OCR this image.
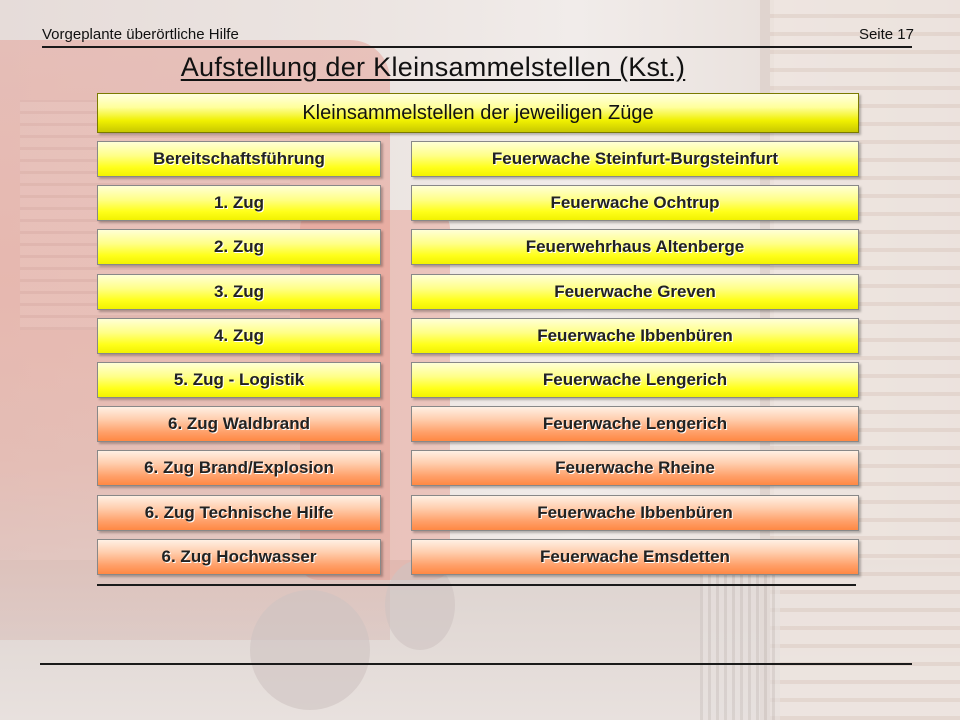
Vorgeplante überörtliche Hilfe	Seite 17
Aufstellung der Kleinsammelstellen (Kst.)
Kleinsammelstellen der jeweiligen Züge
Bereitschaftsführung	Feuerwache Steinfurt-Burgsteinfurt
1. Zug	Feuerwache Ochtrup
2. Zug	Feuerwehrhaus Altenberge
3. Zug	Feuerwache Greven
4. Zug	Feuerwache Ibbenbüren
5. Zug - Logistik	Feuerwache Lengerich
6. Zug Waldbrand	Feuerwache Lengerich
6. Zug Brand/Explosion	Feuerwache Rheine
6. Zug Technische Hilfe	Feuerwache Ibbenbüren
6. Zug Hochwasser	Feuerwache Emsdetten
